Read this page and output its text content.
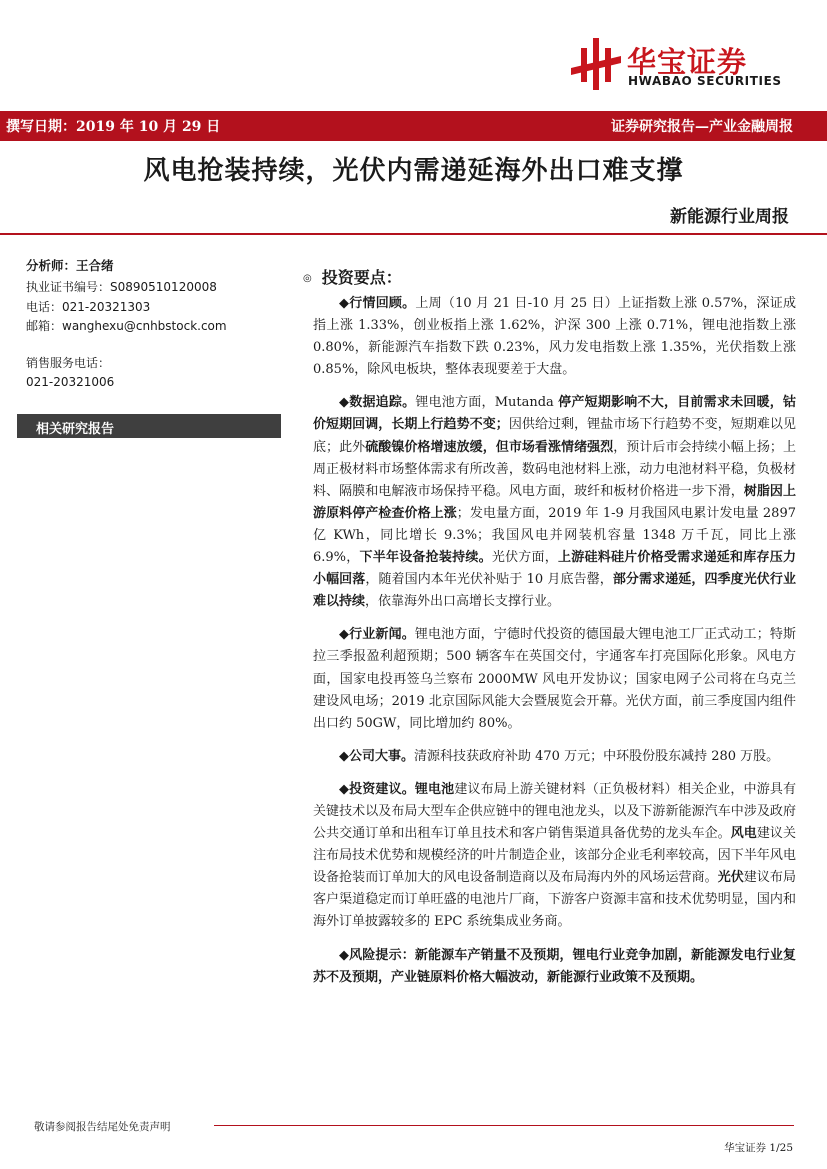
华宝证券
HWABAO SECURITIES
撰写日期：2019 年 10 月 29 日	证券研究报告—产业金融周报
风电抢装持续，光伏内需递延海外出口难支撑
新能源行业周报
分析师：王合绪
执业证书编号：S0890510120008
电话：021-20321303
邮箱：wanghexu@cnhbstock.com
销售服务电话：
021-20321006
相关研究报告
◎ 投资要点：

◆行情回顾。上周（10 月 21 日-10 月 25 日）上证指数上涨 0.57%，深证成指上涨 1.33%，创业板指上涨 1.62%，沪深 300 上涨 0.71%，锂电池指数上涨 0.80%，新能源汽车指数下跌 0.23%，风力发电指数上涨 1.35%，光伏指数上涨 0.85%，除风电板块，整体表现要差于大盘。

◆数据追踪。锂电池方面，Mutanda 停产短期影响不大，目前需求未回暖，钴价短期回调，长期上行趋势不变；因供给过剩，锂盐市场下行趋势不变，短期难以见底；此外硫酸镍价格增速放缓，但市场看涨情绪强烈，预计后市会持续小幅上扬；上周正极材料市场整体需求有所改善，数码电池材料上涨，动力电池材料平稳，负极材料、隔膜和电解液市场保持平稳。风电方面，玻纤和板材价格进一步下滑，树脂因上游原料停产检查价格上涨；发电量方面，2019 年 1-9 月我国风电累计发电量 2897 亿 KWh，同比增长 9.3%；我国风电并网装机容量 1348 万千瓦，同比上涨 6.9%，下半年设备抢装持续。光伏方面，上游硅料硅片价格受需求递延和库存压力小幅回落，随着国内本年光伏补贴于 10 月底告罄，部分需求递延，四季度光伏行业难以持续，依靠海外出口高增长支撑行业。

◆行业新闻。锂电池方面，宁德时代投资的德国最大锂电池工厂正式动工；特斯拉三季报盈利超预期；500 辆客车在英国交付，宇通客车打亮国际化形象。风电方面，国家电投再签乌兰察布 2000MW 风电开发协议；国家电网子公司将在乌克兰建设风电场；2019 北京国际风能大会暨展览会开幕。光伏方面，前三季度国内组件出口约 50GW，同比增加约 80%。

◆公司大事。清源科技获政府补助 470 万元；中环股份股东减持 280 万股。

◆投资建议。锂电池建议布局上游关键材料（正负极材料）相关企业，中游具有关键技术以及布局大型车企供应链中的锂电池龙头，以及下游新能源汽车中涉及政府公共交通订单和出租车订单且技术和客户销售渠道具备优势的龙头车企。风电建议关注布局技术优势和规模经济的叶片制造企业，该部分企业毛利率较高，因下半年风电设备抢装而订单加大的风电设备制造商以及布局海内外的风场运营商。光伏建议布局客户渠道稳定而订单旺盛的电池片厂商，下游客户资源丰富和技术优势明显，国内和海外订单披露较多的 EPC 系统集成业务商。

◆风险提示：新能源车产销量不及预期，锂电行业竞争加剧，新能源发电行业复苏不及预期，产业链原料价格大幅波动，新能源行业政策不及预期。

敬请参阅报告结尾处免责声明
华宝证券 1/25
